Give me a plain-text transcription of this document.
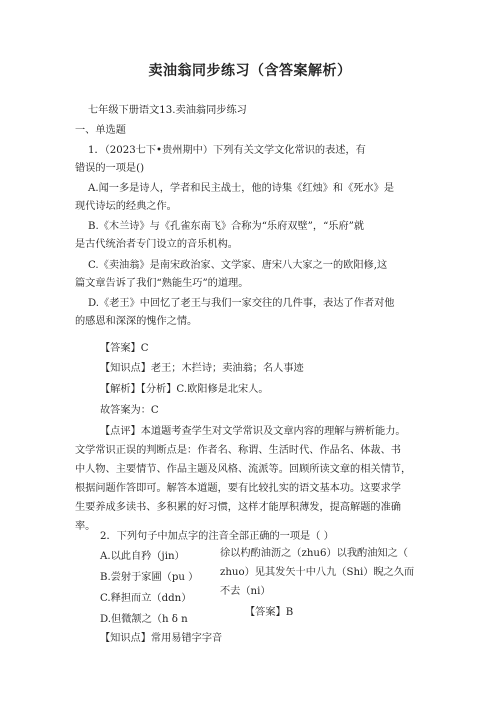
卖油翁同步练习（含答案解析）
七年级下册语文13.卖油翁同步练习
一、单选题
1．（2023七下•贵州期中）下列有关文学文化常识的表述，有
错误的一项是()
A.闻一多是诗人，学者和民主战士，他的诗集《红烛》和《死水》是
现代诗坛的经典之作。
B.《木兰诗》与《孔雀东南飞》合称为“乐府双壁”，“乐府”就
是古代统治者专门设立的音乐机构。
C.《卖油翁》是南宋政治家、文学家、唐宋八大家之一的欧阳修,这
篇文章告诉了我们“熟能生巧”的道理。
D.《老王》中回忆了老王与我们一家交往的几件事，表达了作者对他
的感恩和深深的愧作之情。
【答案】C
【知识点】老王；木拦诗；卖油翁；名人事迹
【解析】【分析】C.欧阳修是北宋人。
故答案为：C
【点评】本道题考查学生对文学常识及文章内容的理解与辨析能力。
文学常识正误的判断点是：作者名、称谓、生活时代、作品名、体裁、书
中人物、主要情节、作品主题及风格、流派等。回顾所读文章的相关情节，
根据问题作答即可。解答本道题，要有比较扎实的语文基本功。这要求学
生要养成多读书、多积累的好习惯，这样才能厚积薄发，提高解题的准确
率。
2．下列句子中加点字的注音全部正确的一项是（ ）
A.以此自矜（jin）
B.尝射于家圃（pu ）
C.释担而立（ddn）
D.但微颔之（h δ n
徐以杓酌油沥之（zhu6）以我酌油知之（
zhuo）见其发矢十中八九（Shi）睨之久而
不去（ni）
【答案】B
【知识点】常用易错字字音
